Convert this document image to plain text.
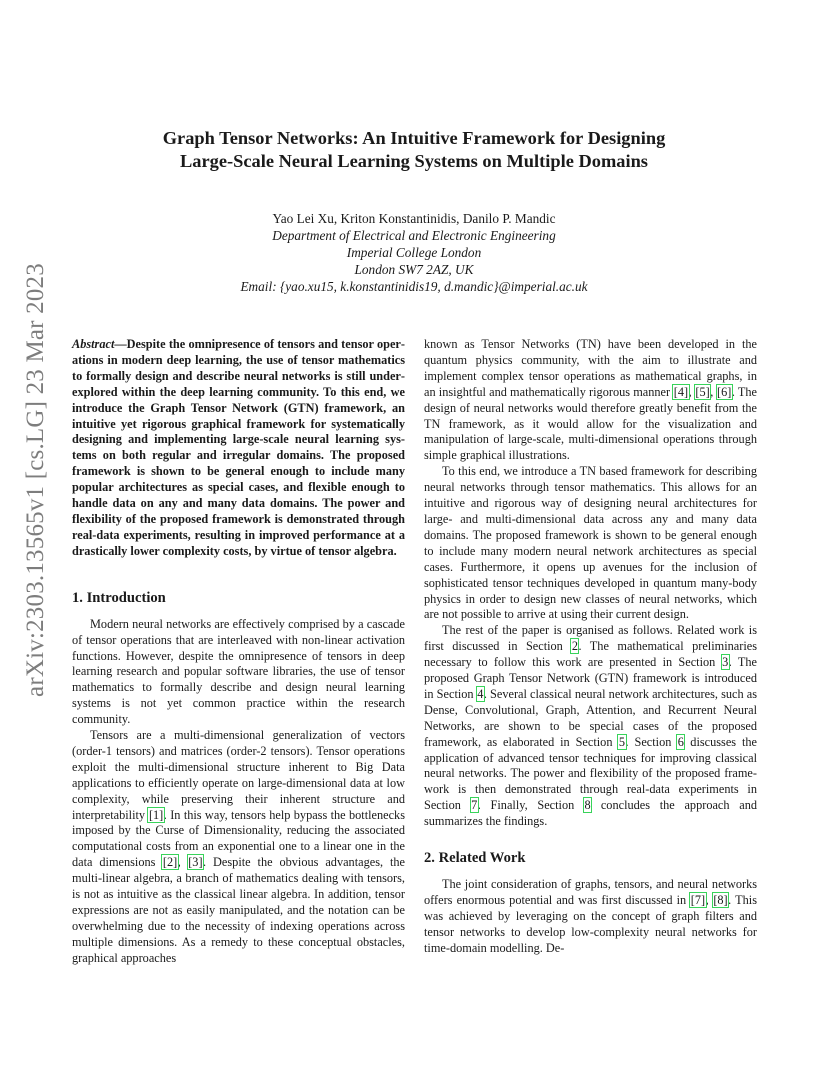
arXiv:2303.13565v1 [cs.LG] 23 Mar 2023
Graph Tensor Networks: An Intuitive Framework for Designing
Large-Scale Neural Learning Systems on Multiple Domains
Yao Lei Xu, Kriton Konstantinidis, Danilo P. Mandic
Department of Electrical and Electronic Engineering
Imperial College London
London SW7 2AZ, UK
Email: {yao.xu15, k.konstantinidis19, d.mandic}@imperial.ac.uk

Abstract—Despite the omnipresence of tensors and tensor operations in modern deep learning, the use of tensor mathematics to formally design and describe neural networks is still underexplored within the deep learning community. To this end, we introduce the Graph Tensor Network (GTN) framework, an intuitive yet rigorous graphical framework for systematically designing and implementing large-scale neural learning systems on both regular and irregular domains. The proposed framework is shown to be general enough to include many popular architectures as special cases, and flexible enough to handle data on any and many data domains. The power and flexibility of the proposed framework is demonstrated through real-data experiments, resulting in improved performance at a drastically lower complexity costs, by virtue of tensor algebra.

1. Introduction

Modern neural networks are effectively comprised by a cascade of tensor operations that are interleaved with non-linear activation functions. However, despite the omnipresence of tensors in deep learning research and popular software libraries, the use of tensor mathematics to formally describe and design neural learning systems is not yet common practice within the research community.

Tensors are a multi-dimensional generalization of vectors (order-1 tensors) and matrices (order-2 tensors). Tensor operations exploit the multi-dimensional structure inherent to Big Data applications to efficiently operate on large-dimensional data at low complexity, while preserving their inherent structure and interpretability [1]. In this way, tensors help bypass the bottlenecks imposed by the Curse of Dimensionality, reducing the associated computational costs from an exponential one to a linear one in the data dimensions [2], [3]. Despite the obvious advantages, the multi-linear algebra, a branch of mathematics dealing with tensors, is not as intuitive as the classical linear algebra. In addition, tensor expressions are not as easily manipulated, and the notation can be overwhelming due to the necessity of indexing operations across multiple dimensions. As a remedy to these conceptual obstacles, graphical approaches

known as Tensor Networks (TN) have been developed in the quantum physics community, with the aim to illustrate and implement complex tensor operations as mathematical graphs, in an insightful and mathematically rigorous manner [4], [5], [6]. The design of neural networks would therefore greatly benefit from the TN framework, as it would allow for the visualization and manipulation of large-scale, multi-dimensional operations through simple graphical illustrations.

To this end, we introduce a TN based framework for describing neural networks through tensor mathematics. This allows for an intuitive and rigorous way of designing neural architectures for large- and multi-dimensional data across any and many data domains. The proposed framework is shown to be general enough to include many modern neural network architectures as special cases. Furthermore, it opens up avenues for the inclusion of sophisticated tensor techniques developed in quantum many-body physics in order to design new classes of neural networks, which are not possible to arrive at using their current design.

The rest of the paper is organised as follows. Related work is first discussed in Section 2. The mathematical preliminaries necessary to follow this work are presented in Section 3. The proposed Graph Tensor Network (GTN) framework is introduced in Section 4. Several classical neural network architectures, such as Dense, Convolutional, Graph, Attention, and Recurrent Neural Networks, are shown to be special cases of the proposed framework, as elaborated in Section 5. Section 6 discusses the application of advanced tensor techniques for improving classical neural networks. The power and flexibility of the proposed framework is then demonstrated through real-data experiments in Section 7. Finally, Section 8 concludes the approach and summarizes the findings.

2. Related Work

The joint consideration of graphs, tensors, and neural networks offers enormous potential and was first discussed in [7], [8]. This was achieved by leveraging on the concept of graph filters and tensor networks to develop low-complexity neural networks for time-domain modelling. De-
